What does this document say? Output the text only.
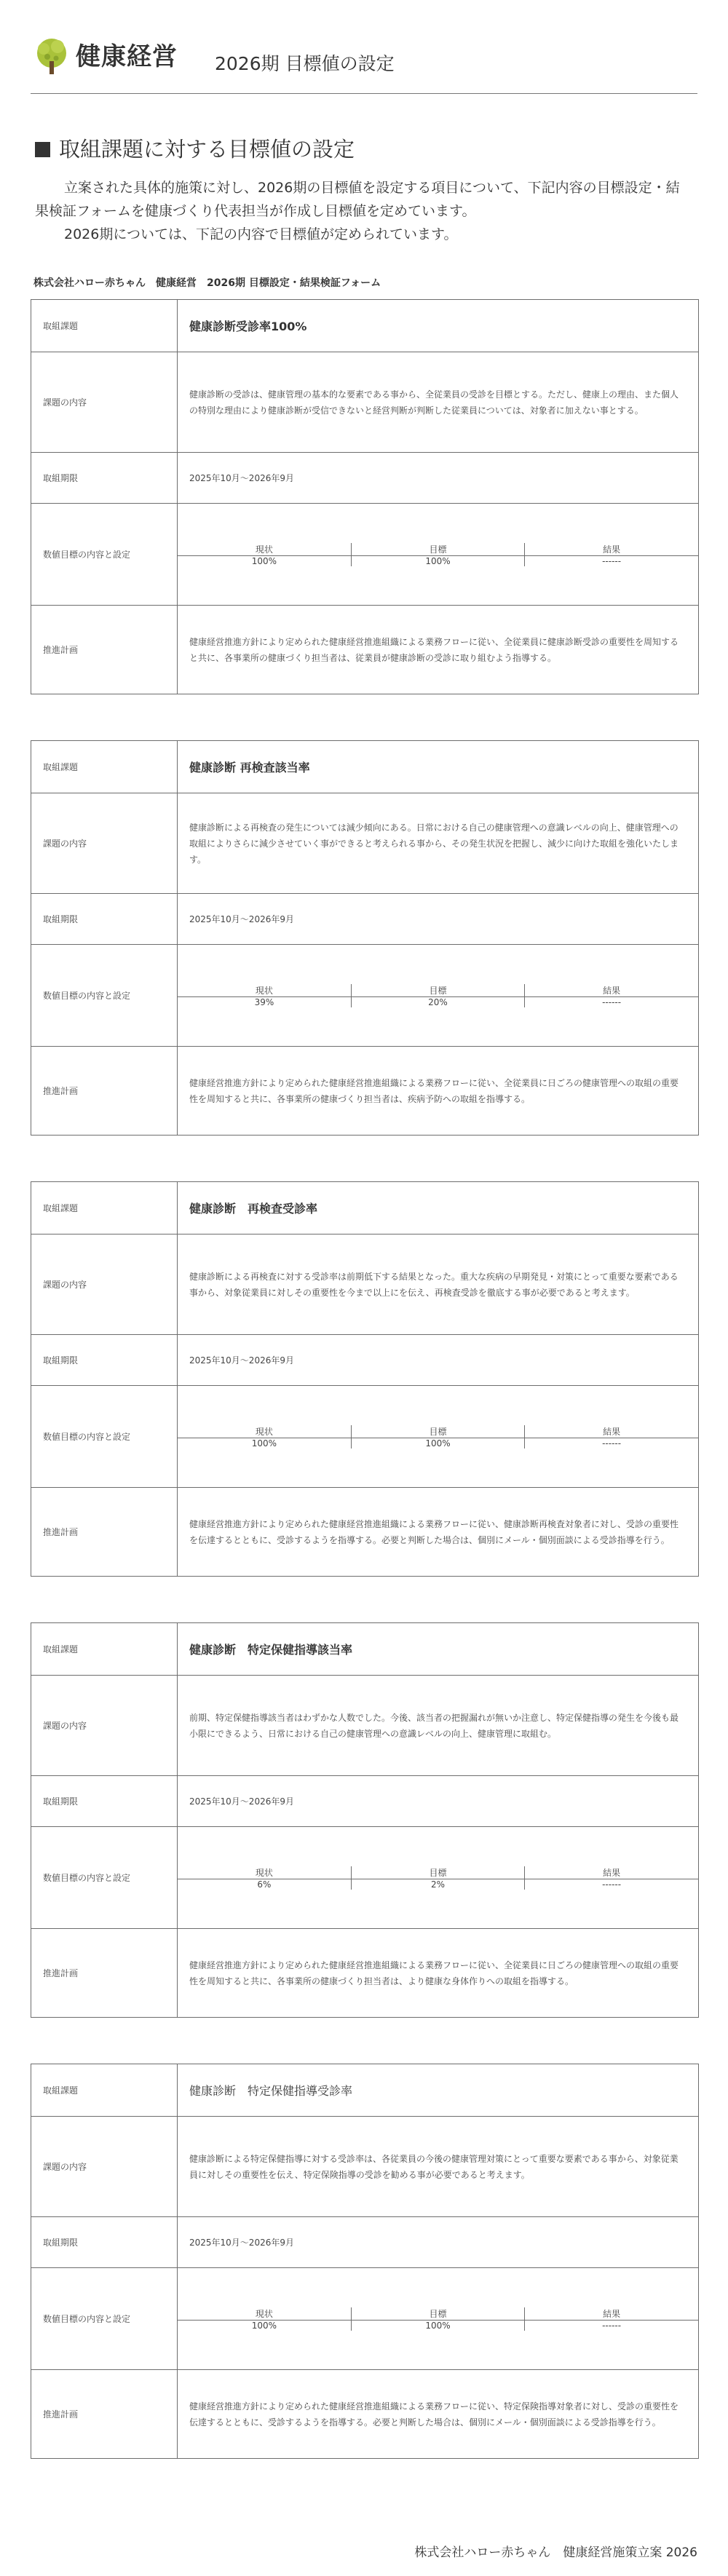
健康経営 2026期 目標値の設定
取組課題に対する目標値の設定

立案された具体的施策に対し、2026期の目標値を設定する項目について、下記内容の目標設定・結果検証フォームを健康づくり代表担当が作成し目標値を定めています。

2026期については、下記の内容で目標値が定められています。

株式会社ハロー赤ちゃん　健康経営　2026期 目標設定・結果検証フォーム
取組課題	健康診断受診率100%
課題の内容	健康診断の受診は、健康管理の基本的な要素である事から、全従業員の受診を目標とする。ただし、健康上の理由、また個人の特別な理由により健康診断が受信できないと経営判断が判断した従業員については、対象者に加えない事とする。
取組期限	2025年10月～2026年9月
数値目標の内容と設定	
現状	目標	結果
100%	100%	------

推進計画	健康経営推進方針により定められた健康経営推進組織による業務フローに従い、全従業員に健康診断受診の重要性を周知すると共に、各事業所の健康づくり担当者は、従業員が健康診断の受診に取り組むよう指導する。
取組課題	健康診断 再検査該当率
課題の内容	健康診断による再検査の発生については減少傾向にある。日常における自己の健康管理への意識レベルの向上、健康管理への取組によりさらに減少させていく事ができると考えられる事から、その発生状況を把握し、減少に向けた取組を強化いたします。
取組期限	2025年10月～2026年9月
数値目標の内容と設定	
現状	目標	結果
39%	20%	------

推進計画	健康経営推進方針により定められた健康経営推進組織による業務フローに従い、全従業員に日ごろの健康管理への取組の重要性を周知すると共に、各事業所の健康づくり担当者は、疾病予防への取組を指導する。
取組課題	健康診断　再検査受診率
課題の内容	健康診断による再検査に対する受診率は前期低下する結果となった。重大な疾病の早期発見・対策にとって重要な要素である事から、対象従業員に対しその重要性を今まで以上にを伝え、再検査受診を徹底する事が必要であると考えます。
取組期限	2025年10月～2026年9月
数値目標の内容と設定	
現状	目標	結果
100%	100%	------

推進計画	健康経営推進方針により定められた健康経営推進組織による業務フローに従い、健康診断再検査対象者に対し、受診の重要性を伝達するとともに、受診するようを指導する。必要と判断した場合は、個別にメール・個別面談による受診指導を行う。
取組課題	健康診断　特定保健指導該当率
課題の内容	前期、特定保健指導該当者はわずかな人数でした。今後、該当者の把握漏れが無いか注意し、特定保健指導の発生を今後も最小限にできるよう、日常における自己の健康管理への意識レベルの向上、健康管理に取組む。
取組期限	2025年10月～2026年9月
数値目標の内容と設定	
現状	目標	結果
6%	2%	------

推進計画	健康経営推進方針により定められた健康経営推進組織による業務フローに従い、全従業員に日ごろの健康管理への取組の重要性を周知すると共に、各事業所の健康づくり担当者は、より健康な身体作りへの取組を指導する。
取組課題	健康診断　特定保健指導受診率
課題の内容	健康診断による特定保健指導に対する受診率は、各従業員の今後の健康管理対策にとって重要な要素である事から、対象従業員に対しその重要性を伝え、特定保険指導の受診を勧める事が必要であると考えます。
取組期限	2025年10月～2026年9月
数値目標の内容と設定	
現状	目標	結果
100%	100%	------

推進計画	健康経営推進方針により定められた健康経営推進組織による業務フローに従い、特定保険指導対象者に対し、受診の重要性を伝達するとともに、受診するようを指導する。必要と判断した場合は、個別にメール・個別面談による受診指導を行う。
株式会社ハロー赤ちゃん　健康経営施策立案 2026
